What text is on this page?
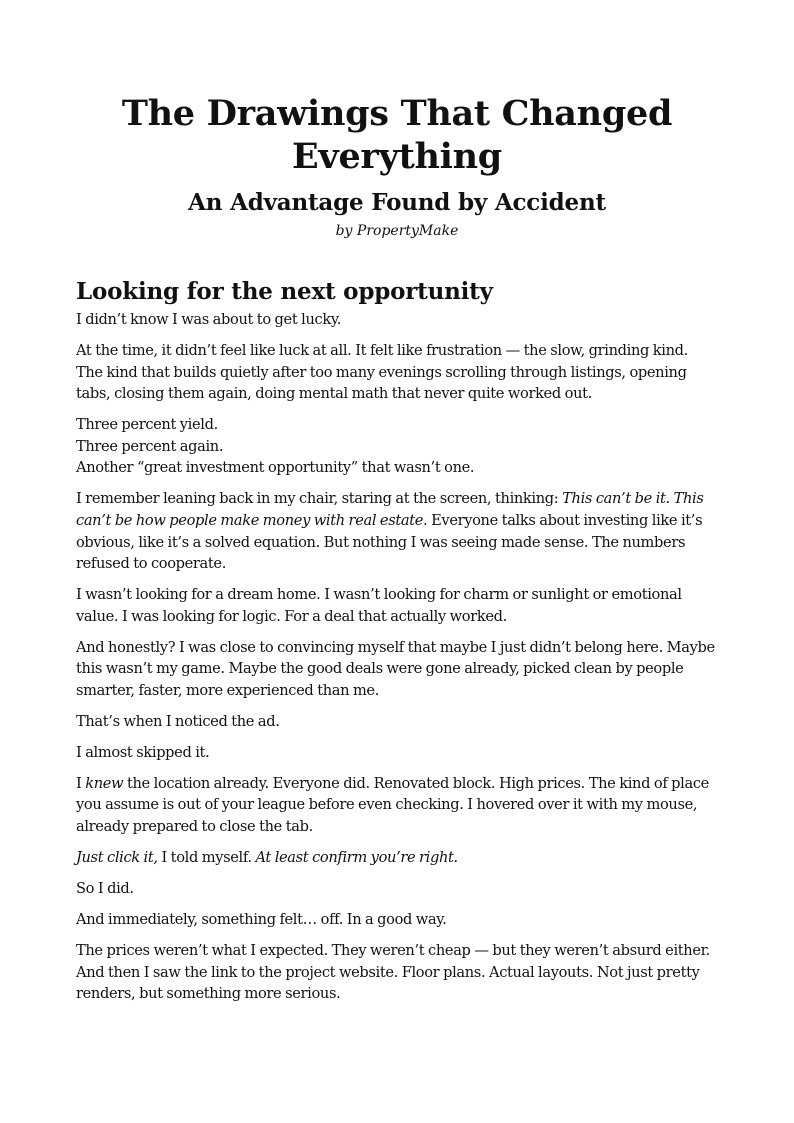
The Drawings That Changed Everything
An Advantage Found by Accident
by PropertyMake
Looking for the next opportunity

I didn’t know I was about to get lucky.

At the time, it didn’t feel like luck at all. It felt like frustration — the slow, grinding kind. The kind that builds quietly after too many evenings scrolling through listings, opening tabs, closing them again, doing mental math that never quite worked out.

Three percent yield.
Three percent again.
Another “great investment opportunity” that wasn’t one.

I remember leaning back in my chair, staring at the screen, thinking: This can’t be it. This can’t be how people make money with real estate. Everyone talks about investing like it’s obvious, like it’s a solved equation. But nothing I was seeing made sense. The numbers refused to cooperate.

I wasn’t looking for a dream home. I wasn’t looking for charm or sunlight or emotional value. I was looking for logic. For a deal that actually worked.

And honestly? I was close to convincing myself that maybe I just didn’t belong here. Maybe this wasn’t my game. Maybe the good deals were gone already, picked clean by people smarter, faster, more experienced than me.

That’s when I noticed the ad.

I almost skipped it.

I knew the location already. Everyone did. Renovated block. High prices. The kind of place you assume is out of your league before even checking. I hovered over it with my mouse, already prepared to close the tab.

Just click it, I told myself. At least confirm you’re right.

So I did.

And immediately, something felt… off. In a good way.

The prices weren’t what I expected. They weren’t cheap — but they weren’t absurd either. And then I saw the link to the project website. Floor plans. Actual layouts. Not just pretty renders, but something more serious.
